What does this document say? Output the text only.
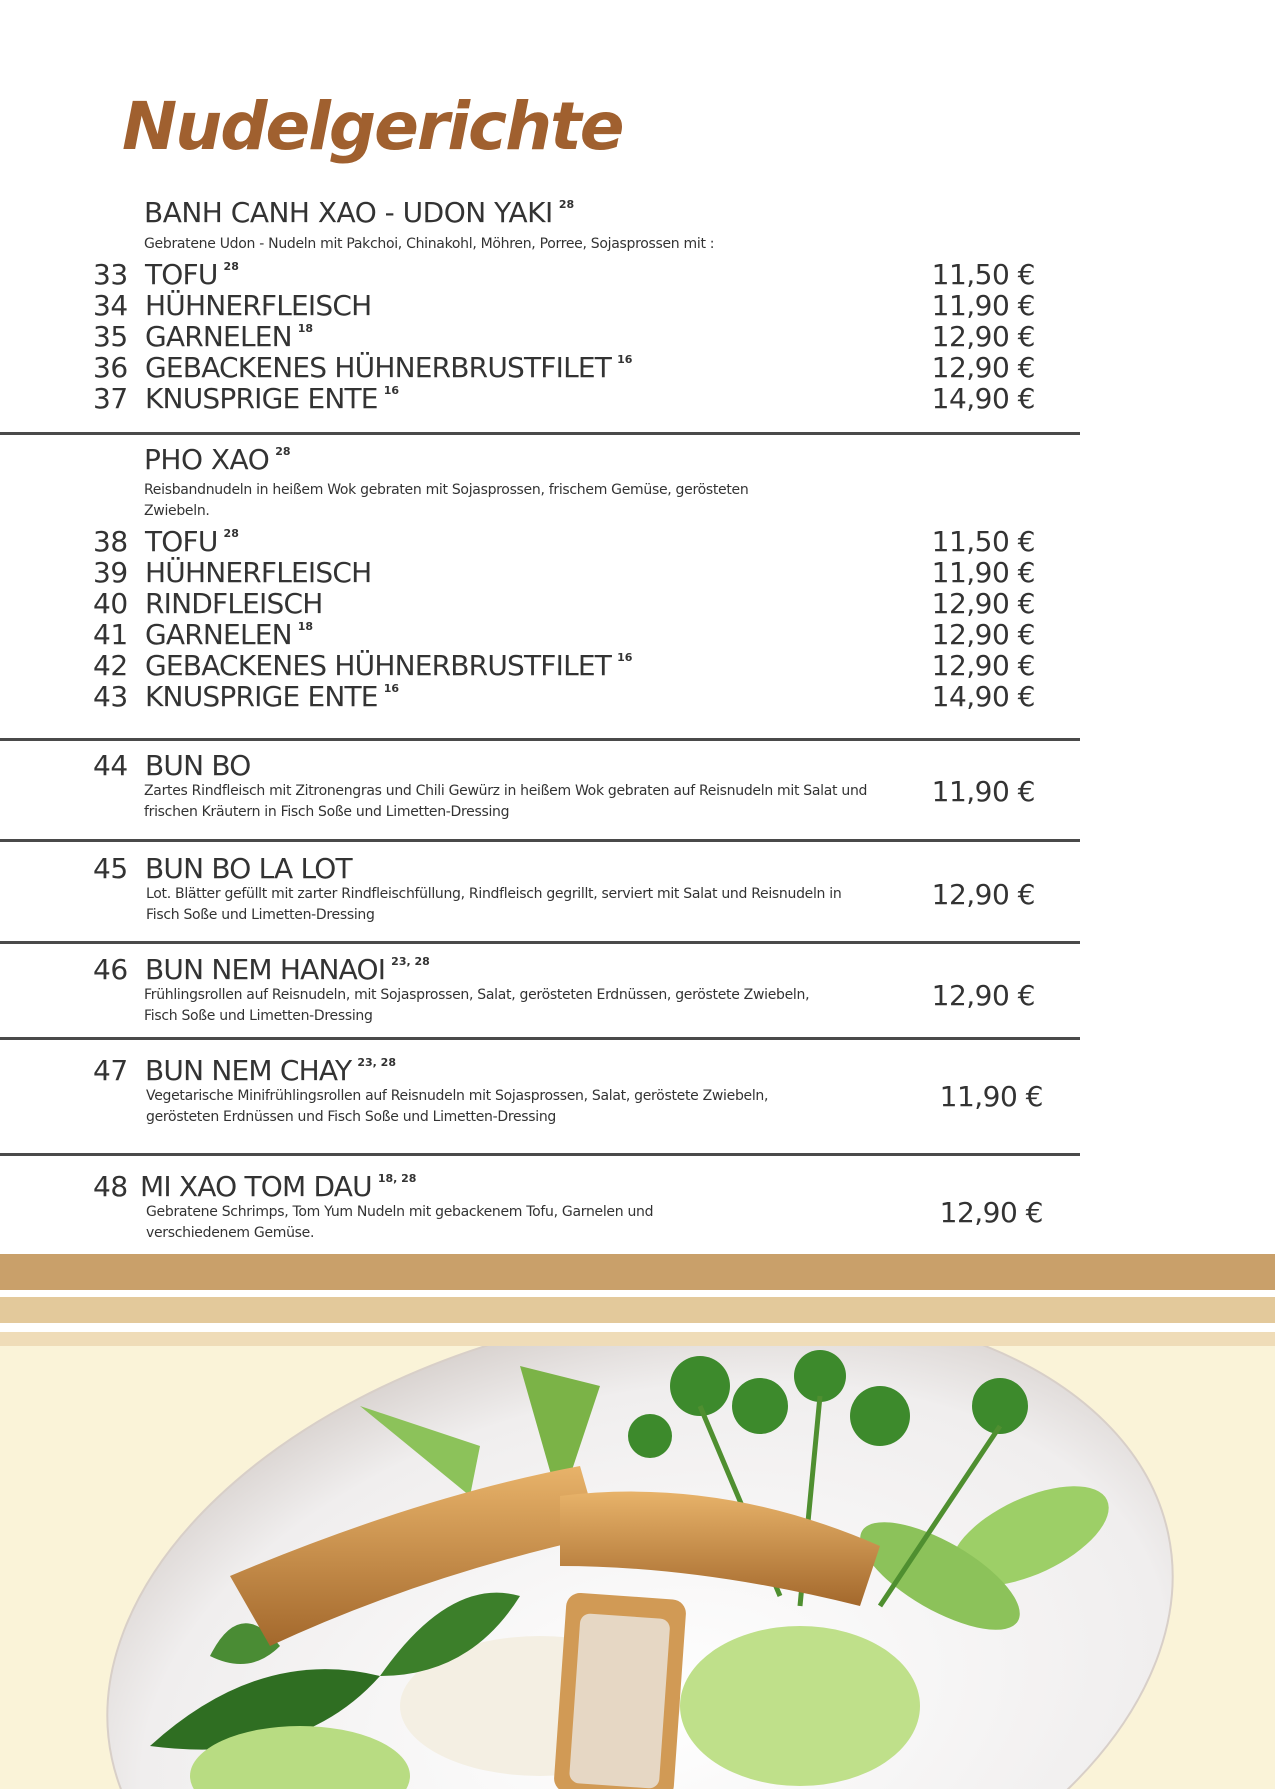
Nudelgerichte
BANH CANH XAO - UDON YAKI $^{28}$
Gebratene Udon - Nudeln mit Pakchoi, Chinakohl, Möhren, Porree, Sojasprossen mit :
33 TOFU $^{28}$	11,50 €
34 HÜHNERFLEISCH	11,90 €
35 GARNELEN $^{18}$	12,90 €
36 GEBACKENES HÜHNERBRUSTFILET $^{16}$	12,90 €
37 KNUSPRIGE ENTE $^{16}$	14,90 €
PHO XAO $^{28}$
Reisbandnudeln in heißem Wok gebraten mit Sojasprossen, frischem Gemüse, gerösteten
Zwiebeln.
38 TOFU $^{28}$	11,50 €
39 HÜHNERFLEISCH	11,90 €
40 RINDFLEISCH	12,90 €
41 GARNELEN $^{18}$	12,90 €
42 GEBACKENES HÜHNERBRUSTFILET $^{16}$	12,90 €
43 KNUSPRIGE ENTE $^{16}$	14,90 €
44 BUN BO
Zartes Rindfleisch mit Zitronengras und Chili Gewürz in heißem Wok gebraten auf Reisnudeln mit Salat und
frischen Kräutern in Fisch Soße und Limetten-Dressing
11,90 €
45 BUN BO LA LOT
Lot. Blätter gefüllt mit zarter Rindfleischfüllung, Rindfleisch gegrillt, serviert mit Salat und Reisnudeln in
Fisch Soße und Limetten-Dressing
12,90 €
46 BUN NEM HANAOI $^{23, 28}$
Frühlingsrollen auf Reisnudeln, mit Sojasprossen, Salat, gerösteten Erdnüssen, geröstete Zwiebeln,
Fisch Soße und Limetten-Dressing
12,90 €
47 BUN NEM CHAY $^{23, 28}$
Vegetarische Minifrühlingsrollen auf Reisnudeln mit Sojasprossen, Salat, geröstete Zwiebeln,
gerösteten Erdnüssen und Fisch Soße und Limetten-Dressing
11,90 €
48 MI XAO TOM DAU $^{18, 28}$
Gebratene Schrimps, Tom Yum Nudeln mit gebackenem Tofu, Garnelen und
verschiedenem Gemüse.
12,90 €
